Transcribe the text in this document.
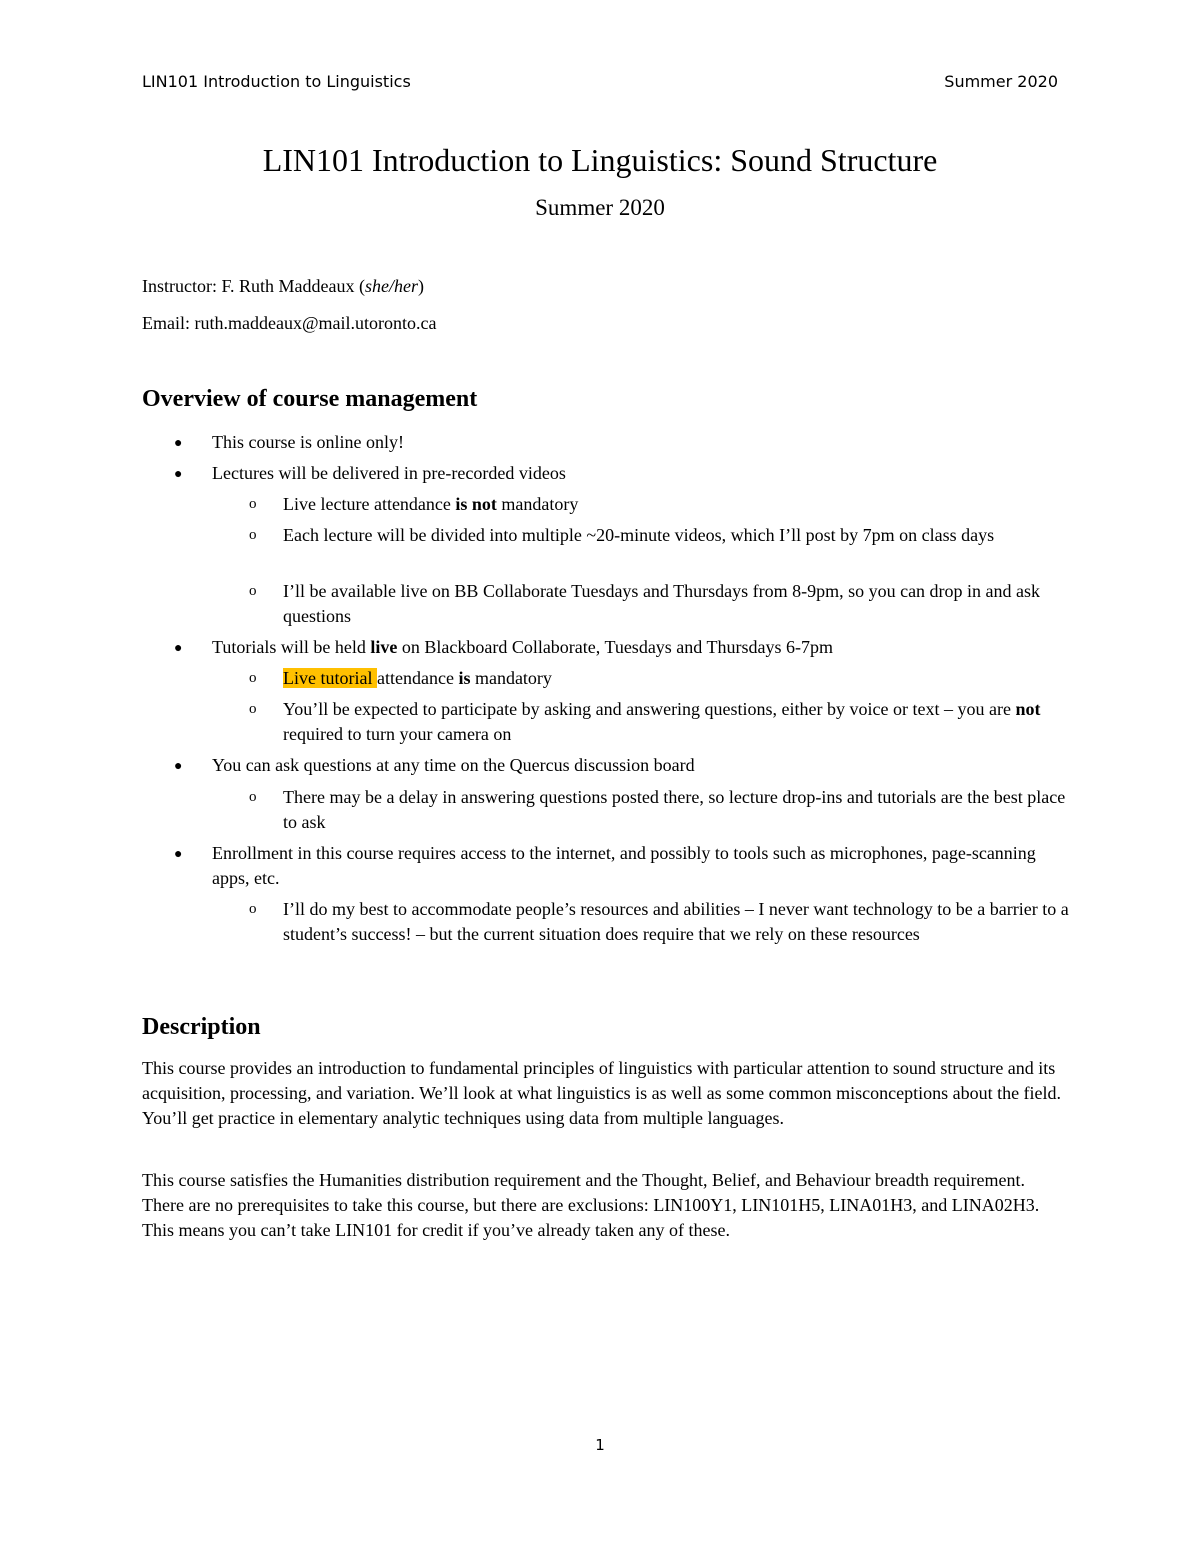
LIN101 Introduction to Linguistics	Summer 2020
LIN101 Introduction to Linguistics: Sound Structure
Summer 2020
Instructor: F. Ruth Maddeaux (she/her)
Email: ruth.maddeaux@mail.utoronto.ca
Overview of course management
● This course is online only!
● Lectures will be delivered in pre-recorded videos
o Live lecture attendance is not mandatory
o Each lecture will be divided into multiple ~20-minute videos, which I’ll post by 7pm on class days
o I’ll be available live on BB Collaborate Tuesdays and Thursdays from 8-9pm, so you can drop in and ask questions
● Tutorials will be held live on Blackboard Collaborate, Tuesdays and Thursdays 6-7pm
o Live tutorial attendance is mandatory
o You’ll be expected to participate by asking and answering questions, either by voice or text – you are not required to turn your camera on
● You can ask questions at any time on the Quercus discussion board
o There may be a delay in answering questions posted there, so lecture drop-ins and tutorials are the best place to ask
● Enrollment in this course requires access to the internet, and possibly to tools such as microphones, page-scanning apps, etc.
o I’ll do my best to accommodate people’s resources and abilities – I never want technology to be a barrier to a student’s success! – but the current situation does require that we rely on these resources
Description
This course provides an introduction to fundamental principles of linguistics with particular attention to sound structure and its acquisition, processing, and variation. We’ll look at what linguistics is as well as some common misconceptions about the field. You’ll get practice in elementary analytic techniques using data from multiple languages.
This course satisfies the Humanities distribution requirement and the Thought, Belief, and Behaviour breadth requirement. There are no prerequisites to take this course, but there are exclusions: LIN100Y1, LIN101H5, LINA01H3, and LINA02H3. This means you can’t take LIN101 for credit if you’ve already taken any of these.
1
